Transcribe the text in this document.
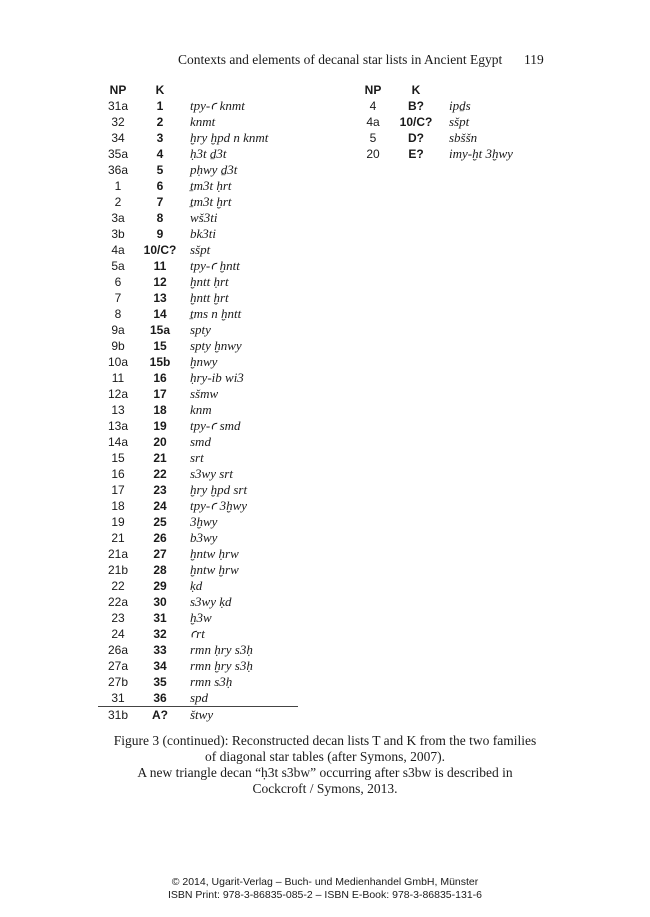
Contexts and elements of decanal star lists in Ancient Egypt 119
NP	K	
31a	1	tpy-ꜥ knmt
32	2	knmt
34	3	ḫry ḫpd n knmt
35a	4	ḥ3t ḏ3t
36a	5	pḥwy ḏ3t
1	6	ṯm3t ḥrt
2	7	ṯm3t ḫrt
3a	8	wš3ti
3b	9	bk3ti
4a	10/C?	sšpt
5a	11	tpy-ꜥ ḫntt
6	12	ḫntt ḥrt
7	13	ḫntt ḫrt
8	14	ṯms n ḫntt
9a	15a	spty
9b	15	spty ḫnwy
10a	15b	ḫnwy
11	16	ḥry-ib wi3
12a	17	sšmw
13	18	knm
13a	19	tpy-ꜥ smd
14a	20	smd
15	21	srt
16	22	s3wy srt
17	23	ḫry ḫpd srt
18	24	tpy-ꜥ 3ḫwy
19	25	3ḫwy
21	26	b3wy
21a	27	ḫntw ḥrw
21b	28	ḫntw ḫrw
22	29	ḳd
22a	30	s3wy ḳd
23	31	ḫ3w
24	32	ꜥrt
26a	33	rmn ḥry s3ḥ
27a	34	rmn ḫry s3ḥ
27b	35	rmn s3ḥ
31	36	spd
31b	A?	štwy
NP	K	
4	B?	ipḏs
4a	10/C?	sšpt
5	D?	sbššn
20	E?	imy-ḫt 3ḫwy

Figure 3 (continued): Reconstructed decan lists T and K from the two families

of diagonal star tables (after Symons, 2007).

A new triangle decan “ḥ3t s3bw” occurring after s3bw is described in

Cockcroft / Symons, 2013.

© 2014, Ugarit-Verlag – Buch- und Medienhandel GmbH, Münster

ISBN Print: 978-3-86835-085-2 – ISBN E-Book: 978-3-86835-131-6
